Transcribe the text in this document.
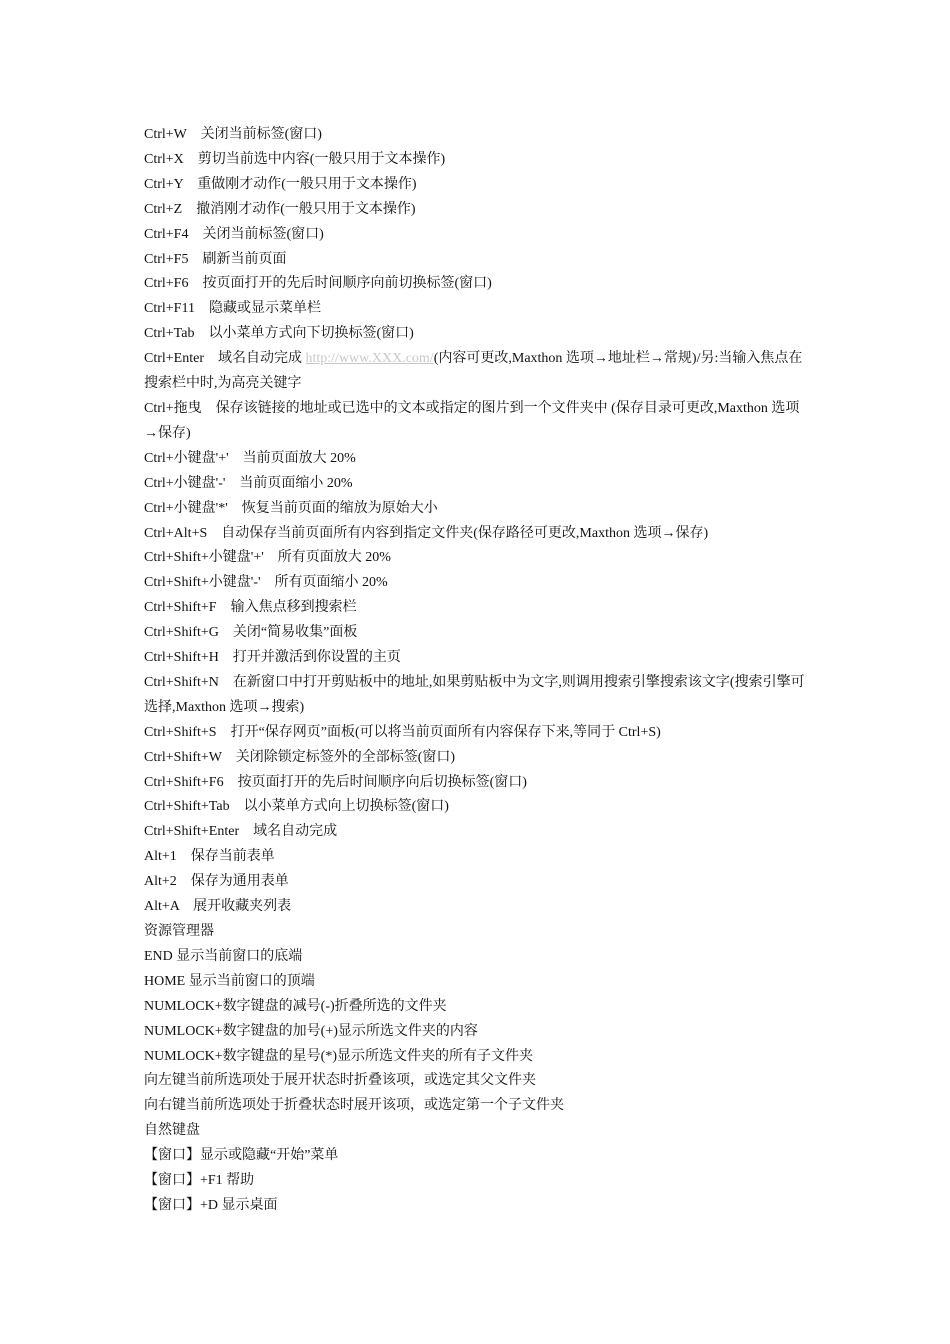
Ctrl+W　关闭当前标签(窗口)

Ctrl+X　剪切当前选中内容(一般只用于文本操作)

Ctrl+Y　重做刚才动作(一般只用于文本操作)

Ctrl+Z　撤消刚才动作(一般只用于文本操作)

Ctrl+F4　关闭当前标签(窗口)

Ctrl+F5　刷新当前页面

Ctrl+F6　按页面打开的先后时间顺序向前切换标签(窗口)

Ctrl+F11　隐藏或显示菜单栏

Ctrl+Tab　以小菜单方式向下切换标签(窗口)

Ctrl+Enter　域名自动完成 http://www.XXX.com/(内容可更改,Maxthon 选项→地址栏→常规)/另:当输入焦点在搜索栏中时,为高亮关键字

Ctrl+拖曳　保存该链接的地址或已选中的文本或指定的图片到一个文件夹中 (保存目录可更改,Maxthon 选项→保存)

Ctrl+小键盘'+'　当前页面放大 20%

Ctrl+小键盘'-'　当前页面缩小 20%

Ctrl+小键盘'*'　恢复当前页面的缩放为原始大小

Ctrl+Alt+S　自动保存当前页面所有内容到指定文件夹(保存路径可更改,Maxthon 选项→保存)

Ctrl+Shift+小键盘'+'　所有页面放大 20%

Ctrl+Shift+小键盘'-'　所有页面缩小 20%

Ctrl+Shift+F　输入焦点移到搜索栏

Ctrl+Shift+G　关闭“简易收集”面板

Ctrl+Shift+H　打开并激活到你设置的主页

Ctrl+Shift+N　在新窗口中打开剪贴板中的地址,如果剪贴板中为文字,则调用搜索引擎搜索该文字(搜索引擎可选择,Maxthon 选项→搜索)

Ctrl+Shift+S　打开“保存网页”面板(可以将当前页面所有内容保存下来,等同于 Ctrl+S)

Ctrl+Shift+W　关闭除锁定标签外的全部标签(窗口)

Ctrl+Shift+F6　按页面打开的先后时间顺序向后切换标签(窗口)

Ctrl+Shift+Tab　以小菜单方式向上切换标签(窗口)

Ctrl+Shift+Enter　域名自动完成

Alt+1　保存当前表单

Alt+2　保存为通用表单

Alt+A　展开收藏夹列表

资源管理器

END 显示当前窗口的底端

HOME 显示当前窗口的顶端

NUMLOCK+数字键盘的减号(-)折叠所选的文件夹

NUMLOCK+数字键盘的加号(+)显示所选文件夹的内容

NUMLOCK+数字键盘的星号(*)显示所选文件夹的所有子文件夹

向左键当前所选项处于展开状态时折叠该项，或选定其父文件夹

向右键当前所选项处于折叠状态时展开该项，或选定第一个子文件夹

自然键盘

【窗口】显示或隐藏“开始”菜单

【窗口】+F1 帮助

【窗口】+D 显示桌面
